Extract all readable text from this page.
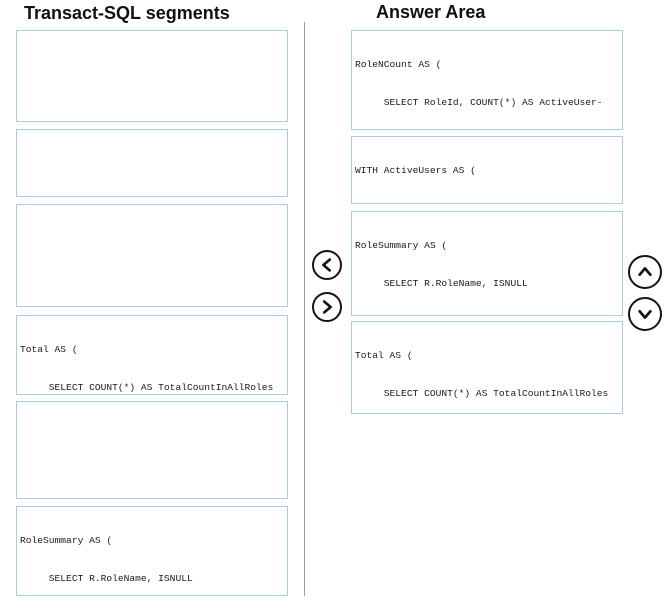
Transact-SQL segments	Answer Area

Total AS (

SELECT COUNT(*) AS TotalCountInAllRoles

RoleSummary AS (

SELECT R.RoleName, ISNULL

RoleNCount AS (

SELECT RoleId, COUNT(*) AS ActiveUser-

WITH ActiveUsers AS (

RoleSummary AS (

SELECT R.RoleName, ISNULL

Total AS (

SELECT COUNT(*) AS TotalCountInAllRoles
